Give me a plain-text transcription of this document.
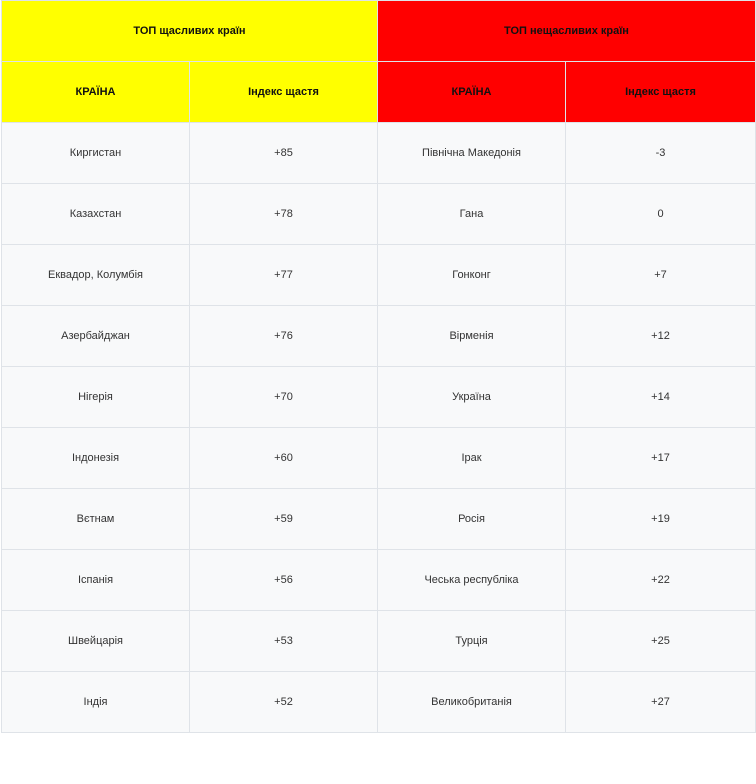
ТОП щасливих країн		ТОП нещасливих країн	
КРАЇНА	Індекс щастя	КРАЇНА	Індекс щастя
Киргистан	+85	Північна Македонія	-3
Казахстан	+78	Гана	0
Еквадор, Колумбія	+77	Гонконг	+7
Азербайджан	+76	Вірменія	+12
Нігерія	+70	Україна	+14
Індонезія	+60	Ірак	+17
Вєтнам	+59	Росія	+19
Іспанія	+56	Чеська республіка	+22
Швейцарія	+53	Турція	+25
Індія	+52	Великобританія	+27
